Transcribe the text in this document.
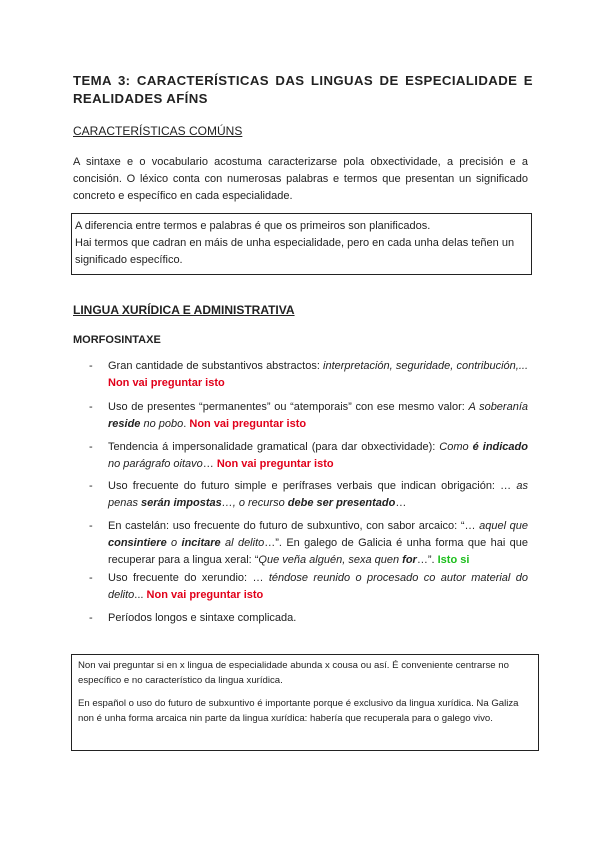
TEMA 3: CARACTERÍSTICAS DAS LINGUAS DE ESPECIALIDADE E REALIDADES AFÍNS
CARACTERÍSTICAS COMÚNS
A sintaxe e o vocabulario acostuma caracterizarse pola obxectividade, a precisión e a concisión. O léxico conta con numerosas palabras e termos que presentan un significado concreto e específico en cada especialidade.
A diferencia entre termos e palabras é que os primeiros son planificados.
Hai termos que cadran en máis de unha especialidade, pero en cada unha delas teñen un significado específico.
LINGUA XURÍDICA E ADMINISTRATIVA
MORFOSINTAXE
- Gran cantidade de substantivos abstractos: interpretación, seguridade, contribución,... Non vai preguntar isto
- Uso de presentes “permanentes” ou “atemporais” con ese mesmo valor: A soberanía reside no pobo. Non vai preguntar isto
- Tendencia á impersonalidade gramatical (para dar obxectividade): Como é indicado no parágrafo oitavo… Non vai preguntar isto
- Uso frecuente do futuro simple e perífrases verbais que indican obrigación: … as penas serán impostas…, o recurso debe ser presentado…
- En castelán: uso frecuente do futuro de subxuntivo, con sabor arcaico: “… aquel que consintiere o incitare al delito…”. En galego de Galicia é unha forma que hai que recuperar para a lingua xeral: “Que veña alguén, sexa quen for…”. Isto si
- Uso frecuente do xerundio: … téndose reunido o procesado co autor material do delito... Non vai preguntar isto
- Períodos longos e sintaxe complicada.

Non vai preguntar si en x lingua de especialidade abunda x cousa ou así. É conveniente centrarse no específico e no característico da lingua xurídica.

En español o uso do futuro de subxuntivo é importante porque é exclusivo da lingua xurídica. Na Galiza non é unha forma arcaica nin parte da lingua xurídica: habería que recuperala para o galego vivo.
